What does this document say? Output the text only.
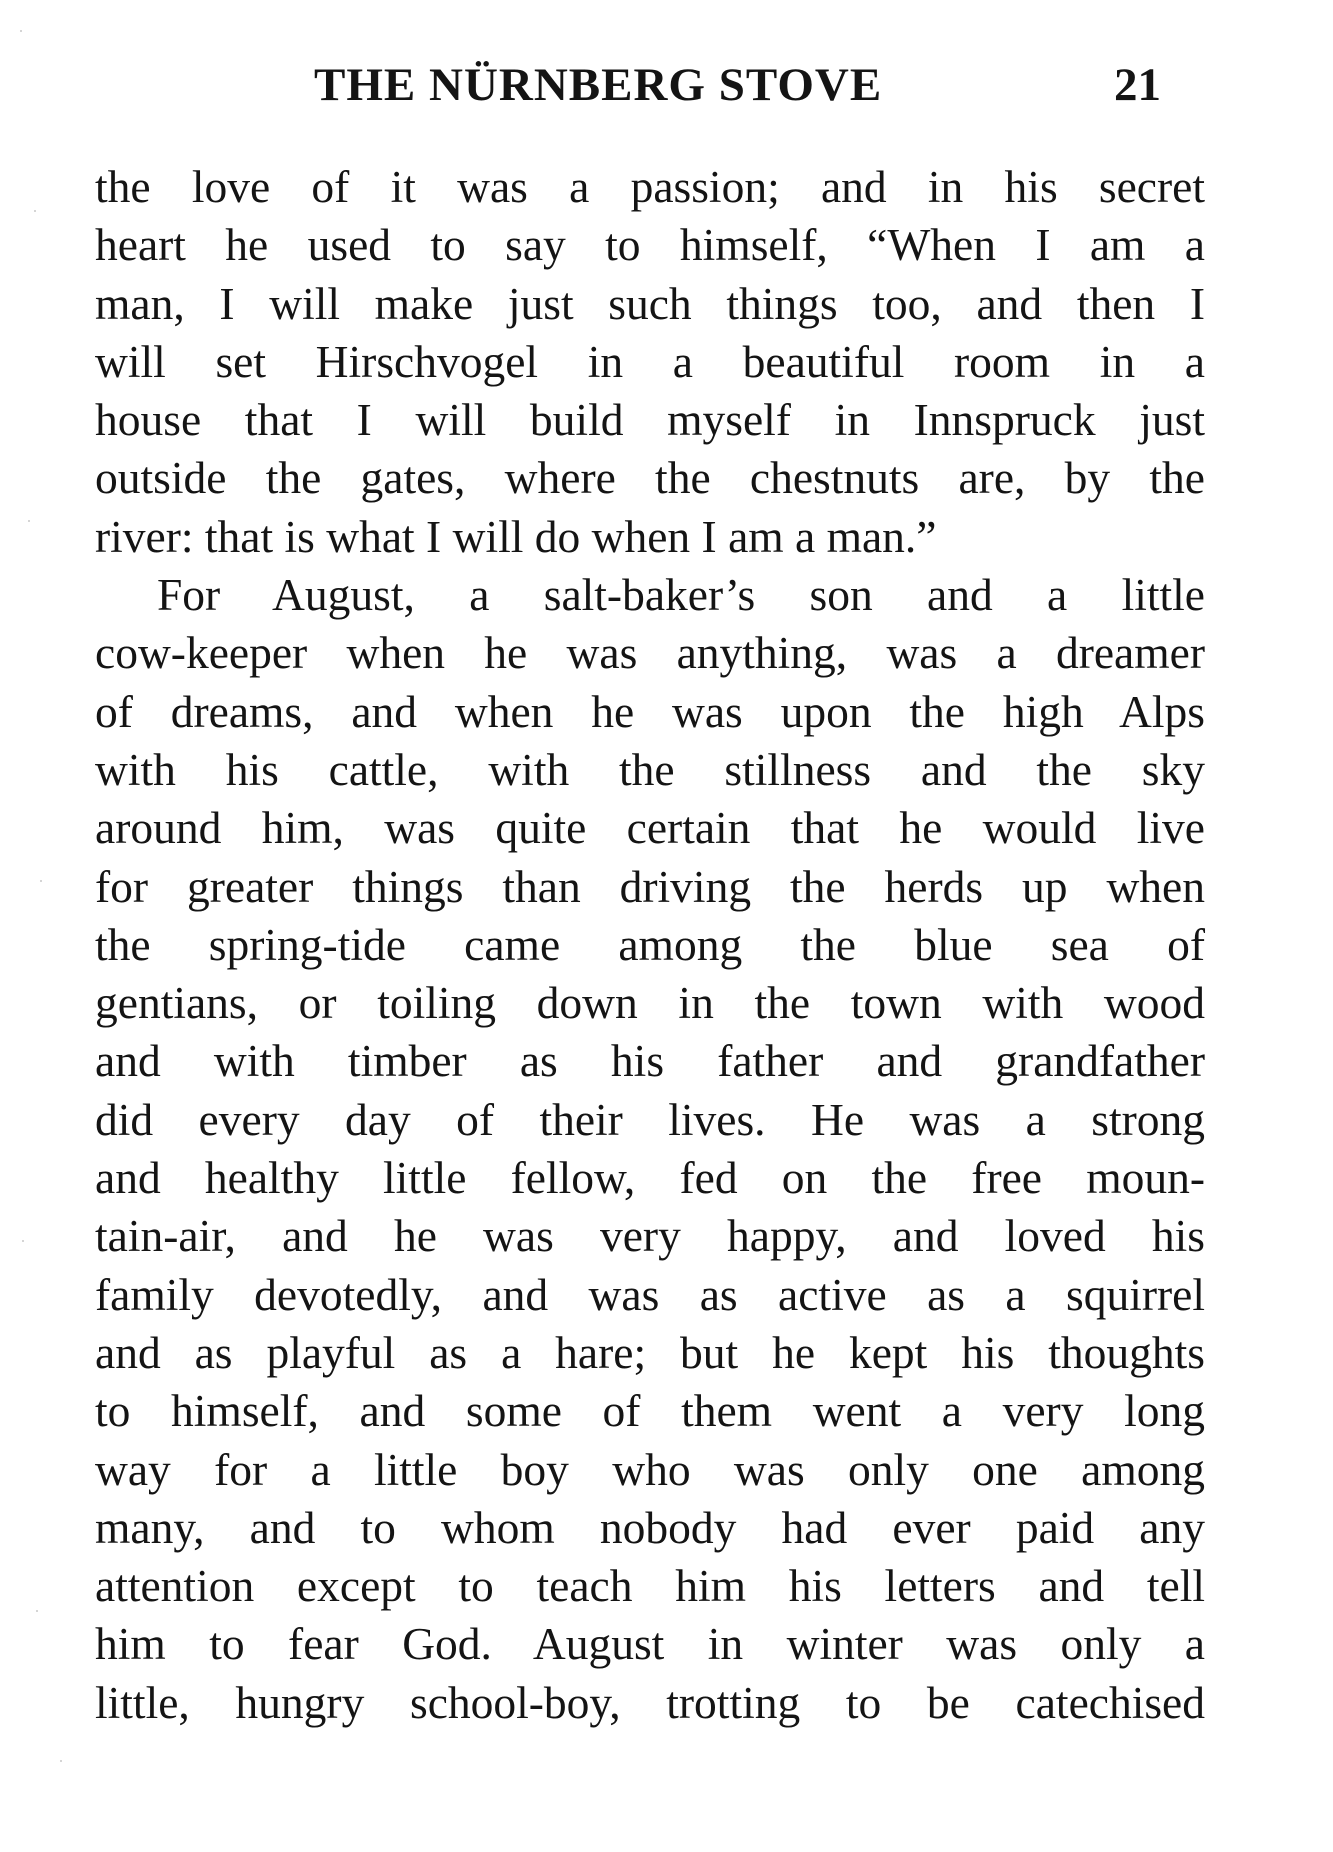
THE NÜRNBERG STOVE	21
the love of it was a passion; and in his secret
heart he used to say to himself, “When I am a
man, I will make just such things too, and then I
will set Hirschvogel in a beautiful room in a
house that I will build myself in Innspruck just
outside the gates, where the chestnuts are, by the
river: that is what I will do when I am a man.”
For August, a salt-baker’s son and a little
cow-keeper when he was anything, was a dreamer
of dreams, and when he was upon the high Alps
with his cattle, with the stillness and the sky
around him, was quite certain that he would live
for greater things than driving the herds up when
the spring-tide came among the blue sea of
gentians, or toiling down in the town with wood
and with timber as his father and grandfather
did every day of their lives. He was a strong
and healthy little fellow, fed on the free moun-
tain-air, and he was very happy, and loved his
family devotedly, and was as active as a squirrel
and as playful as a hare; but he kept his thoughts
to himself, and some of them went a very long
way for a little boy who was only one among
many, and to whom nobody had ever paid any
attention except to teach him his letters and tell
him to fear God. August in winter was only a
little, hungry school-boy, trotting to be catechised
